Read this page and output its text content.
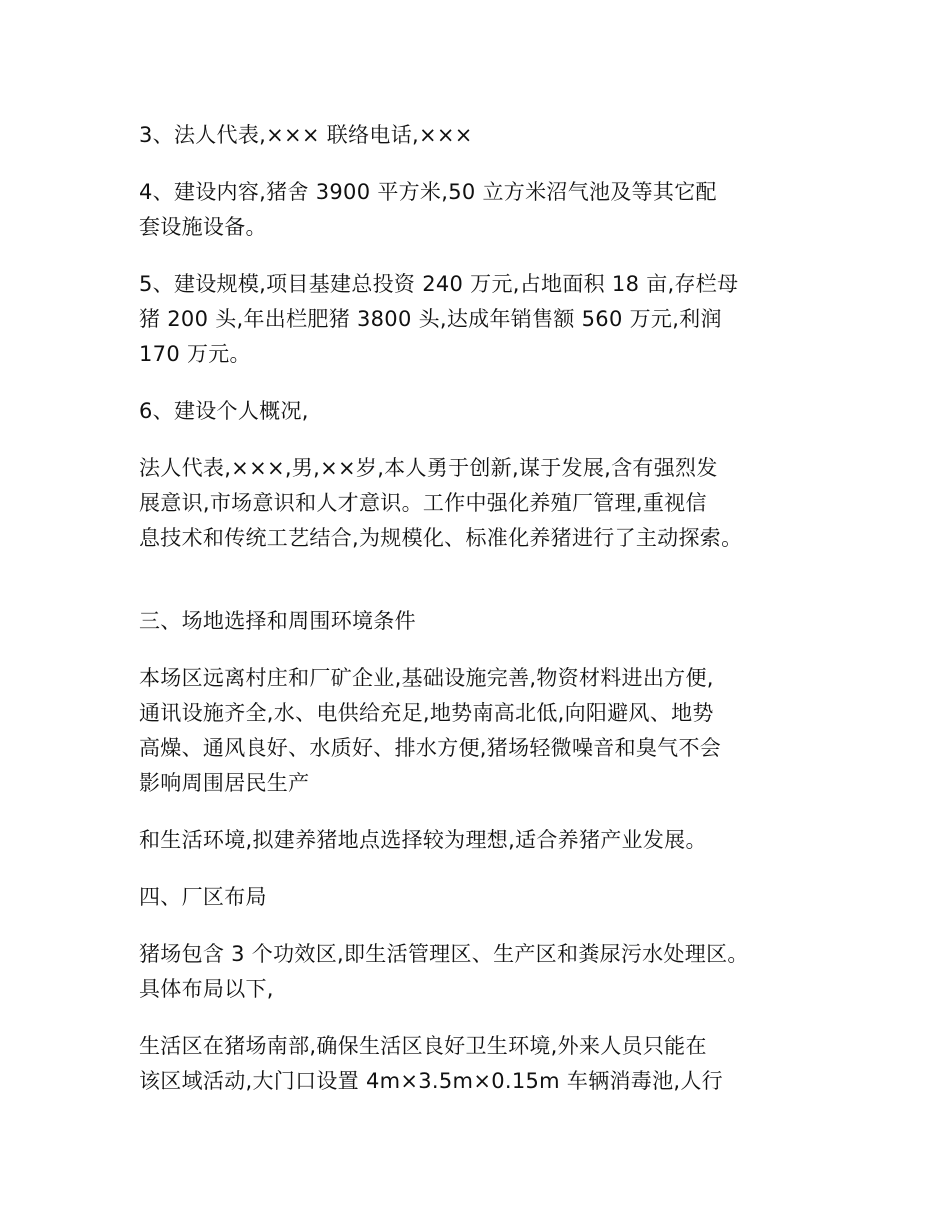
3、法人代表,××× 联络电话,×××

4、建设内容,猪舍 3900 平方米,50 立方米沼气池及等其它配
套设施设备。

5、建设规模,项目基建总投资 240 万元,占地面积 18 亩,存栏母
猪 200 头,年出栏肥猪 3800 头,达成年销售额 560 万元,利润
170 万元。

6、建设个人概况,

法人代表,×××,男,××岁,本人勇于创新,谋于发展,含有强烈发
展意识,市场意识和人才意识。工作中强化养殖厂管理,重视信
息技术和传统工艺结合,为规模化、标准化养猪进行了主动探索。

三、场地选择和周围环境条件

本场区远离村庄和厂矿企业,基础设施完善,物资材料进出方便,
通讯设施齐全,水、电供给充足,地势南高北低,向阳避风、地势
高燥、通风良好、水质好、排水方便,猪场轻微噪音和臭气不会
影响周围居民生产

和生活环境,拟建养猪地点选择较为理想,适合养猪产业发展。

四、厂区布局

猪场包含 3 个功效区,即生活管理区、生产区和粪尿污水处理区。
具体布局以下,

生活区在猪场南部,确保生活区良好卫生环境,外来人员只能在
该区域活动,大门口设置 4m×3.5m×0.15m 车辆消毒池,人行
